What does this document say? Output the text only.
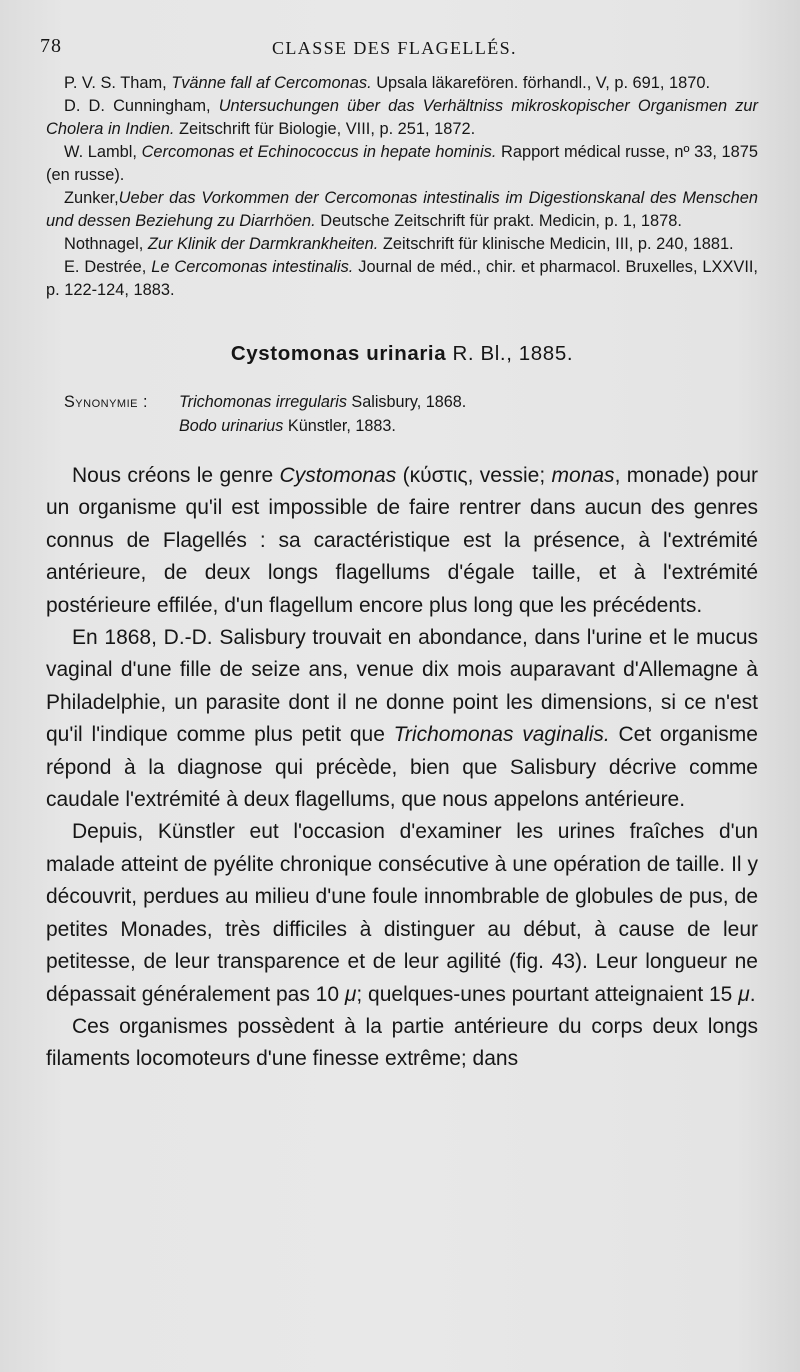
78	CLASSE DES FLAGELLÉS.

P. V. S. Tham, Tvänne fall af Cercomonas. Upsala läkarefören. förhandl., V, p. 691, 1870.

D. D. Cunningham, Untersuchungen über das Verhältniss mikroskopischer Organismen zur Cholera in Indien. Zeitschrift für Biologie, VIII, p. 251, 1872.

W. Lambl, Cercomonas et Echinococcus in hepate hominis. Rapport médical russe, nº 33, 1875 (en russe).

Zunker,Ueber das Vorkommen der Cercomonas intestinalis im Digestionskanal des Menschen und dessen Beziehung zu Diarrhöen. Deutsche Zeitschrift für prakt. Medicin, p. 1, 1878.

Nothnagel, Zur Klinik der Darmkrankheiten. Zeitschrift für klinische Medicin, III, p. 240, 1881.

E. Destrée, Le Cercomonas intestinalis. Journal de méd., chir. et pharmacol. Bruxelles, LXXVII, p. 122-124, 1883.

Cystomonas urinaria R. Bl., 1885.
Synonymie : Trichomonas irregularis Salisbury, 1868.
Bodo urinarius Künstler, 1883.

Nous créons le genre Cystomonas (κύστις, vessie; monas, monade) pour un organisme qu'il est impossible de faire rentrer dans aucun des genres connus de Flagellés : sa caractéristique est la présence, à l'extrémité antérieure, de deux longs flagellums d'égale taille, et à l'extrémité postérieure effilée, d'un flagellum encore plus long que les précédents.

En 1868, D.-D. Salisbury trouvait en abondance, dans l'urine et le mucus vaginal d'une fille de seize ans, venue dix mois auparavant d'Allemagne à Philadelphie, un parasite dont il ne donne point les dimensions, si ce n'est qu'il l'indique comme plus petit que Trichomonas vaginalis. Cet organisme répond à la diagnose qui précède, bien que Salisbury décrive comme caudale l'extrémité à deux flagellums, que nous appelons antérieure.

Depuis, Künstler eut l'occasion d'examiner les urines fraîches d'un malade atteint de pyélite chronique consécutive à une opération de taille. Il y découvrit, perdues au milieu d'une foule innombrable de globules de pus, de petites Monades, très difficiles à distinguer au début, à cause de leur petitesse, de leur transparence et de leur agilité (fig. 43). Leur longueur ne dépassait généralement pas 10 μ; quelques-unes pourtant atteignaient 15 μ.

Ces organismes possèdent à la partie antérieure du corps deux longs filaments locomoteurs d'une finesse extrême; dans
